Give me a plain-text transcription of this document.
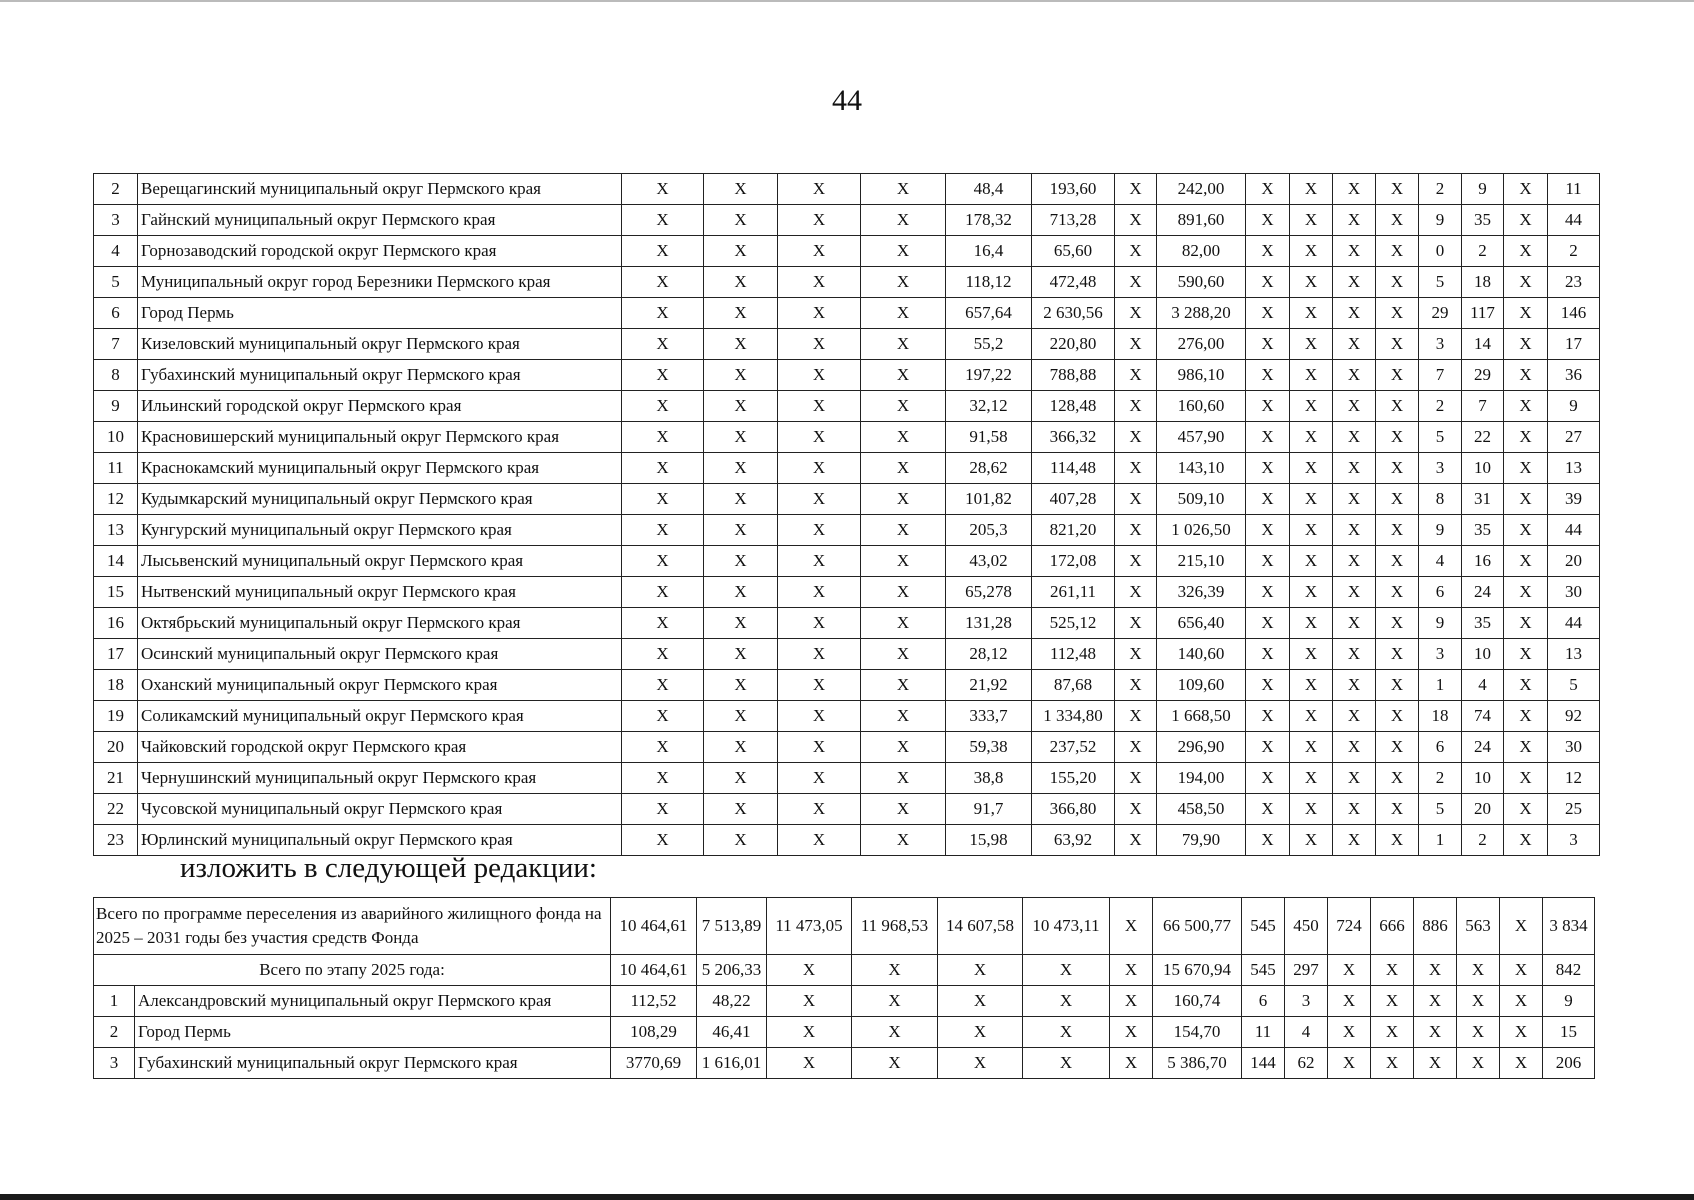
44
2	Верещагинский муниципальный округ Пермского края	X	X	X	X	48,4	193,60	X	242,00	X	X	X	X	2	9	X	11
3	Гайнский муниципальный округ Пермского края	X	X	X	X	178,32	713,28	X	891,60	X	X	X	X	9	35	X	44
4	Горнозаводский городской округ Пермского края	X	X	X	X	16,4	65,60	X	82,00	X	X	X	X	0	2	X	2
5	Муниципальный округ город Березники Пермского края	X	X	X	X	118,12	472,48	X	590,60	X	X	X	X	5	18	X	23
6	Город Пермь	X	X	X	X	657,64	2 630,56	X	3 288,20	X	X	X	X	29	117	X	146
7	Кизеловский муниципальный округ Пермского края	X	X	X	X	55,2	220,80	X	276,00	X	X	X	X	3	14	X	17
8	Губахинский муниципальный округ Пермского края	X	X	X	X	197,22	788,88	X	986,10	X	X	X	X	7	29	X	36
9	Ильинский городской округ Пермского края	X	X	X	X	32,12	128,48	X	160,60	X	X	X	X	2	7	X	9
10	Красновишерский муниципальный округ Пермского края	X	X	X	X	91,58	366,32	X	457,90	X	X	X	X	5	22	X	27
11	Краснокамский муниципальный округ Пермского края	X	X	X	X	28,62	114,48	X	143,10	X	X	X	X	3	10	X	13
12	Кудымкарский муниципальный округ Пермского края	X	X	X	X	101,82	407,28	X	509,10	X	X	X	X	8	31	X	39
13	Кунгурский муниципальный округ Пермского края	X	X	X	X	205,3	821,20	X	1 026,50	X	X	X	X	9	35	X	44
14	Лысьвенский муниципальный округ Пермского края	X	X	X	X	43,02	172,08	X	215,10	X	X	X	X	4	16	X	20
15	Нытвенский муниципальный округ Пермского края	X	X	X	X	65,278	261,11	X	326,39	X	X	X	X	6	24	X	30
16	Октябрьский муниципальный округ Пермского края	X	X	X	X	131,28	525,12	X	656,40	X	X	X	X	9	35	X	44
17	Осинский муниципальный округ Пермского края	X	X	X	X	28,12	112,48	X	140,60	X	X	X	X	3	10	X	13
18	Оханский муниципальный округ Пермского края	X	X	X	X	21,92	87,68	X	109,60	X	X	X	X	1	4	X	5
19	Соликамский муниципальный округ Пермского края	X	X	X	X	333,7	1 334,80	X	1 668,50	X	X	X	X	18	74	X	92
20	Чайковский городской округ Пермского края	X	X	X	X	59,38	237,52	X	296,90	X	X	X	X	6	24	X	30
21	Чернушинский муниципальный округ Пермского края	X	X	X	X	38,8	155,20	X	194,00	X	X	X	X	2	10	X	12
22	Чусовской муниципальный округ Пермского края	X	X	X	X	91,7	366,80	X	458,50	X	X	X	X	5	20	X	25
23	Юрлинский муниципальный округ Пермского края	X	X	X	X	15,98	63,92	X	79,90	X	X	X	X	1	2	X	3
изложить в следующей редакции:
Всего по программе переселения из аварийного жилищного фонда на 2025 – 2031 годы без участия средств Фонда		10 464,61	7 513,89	11 473,05	11 968,53	14 607,58	10 473,11	X	66 500,77	545	450	724	666	886	563	X	3 834
Всего по этапу 2025 года:		10 464,61	5 206,33	X	X	X	X	X	15 670,94	545	297	X	X	X	X	X	842
1	Александровский муниципальный округ Пермского края	112,52	48,22	X	X	X	X	X	160,74	6	3	X	X	X	X	X	9
2	Город Пермь	108,29	46,41	X	X	X	X	X	154,70	11	4	X	X	X	X	X	15
3	Губахинский муниципальный округ Пермского края	3770,69	1 616,01	X	X	X	X	X	5 386,70	144	62	X	X	X	X	X	206
